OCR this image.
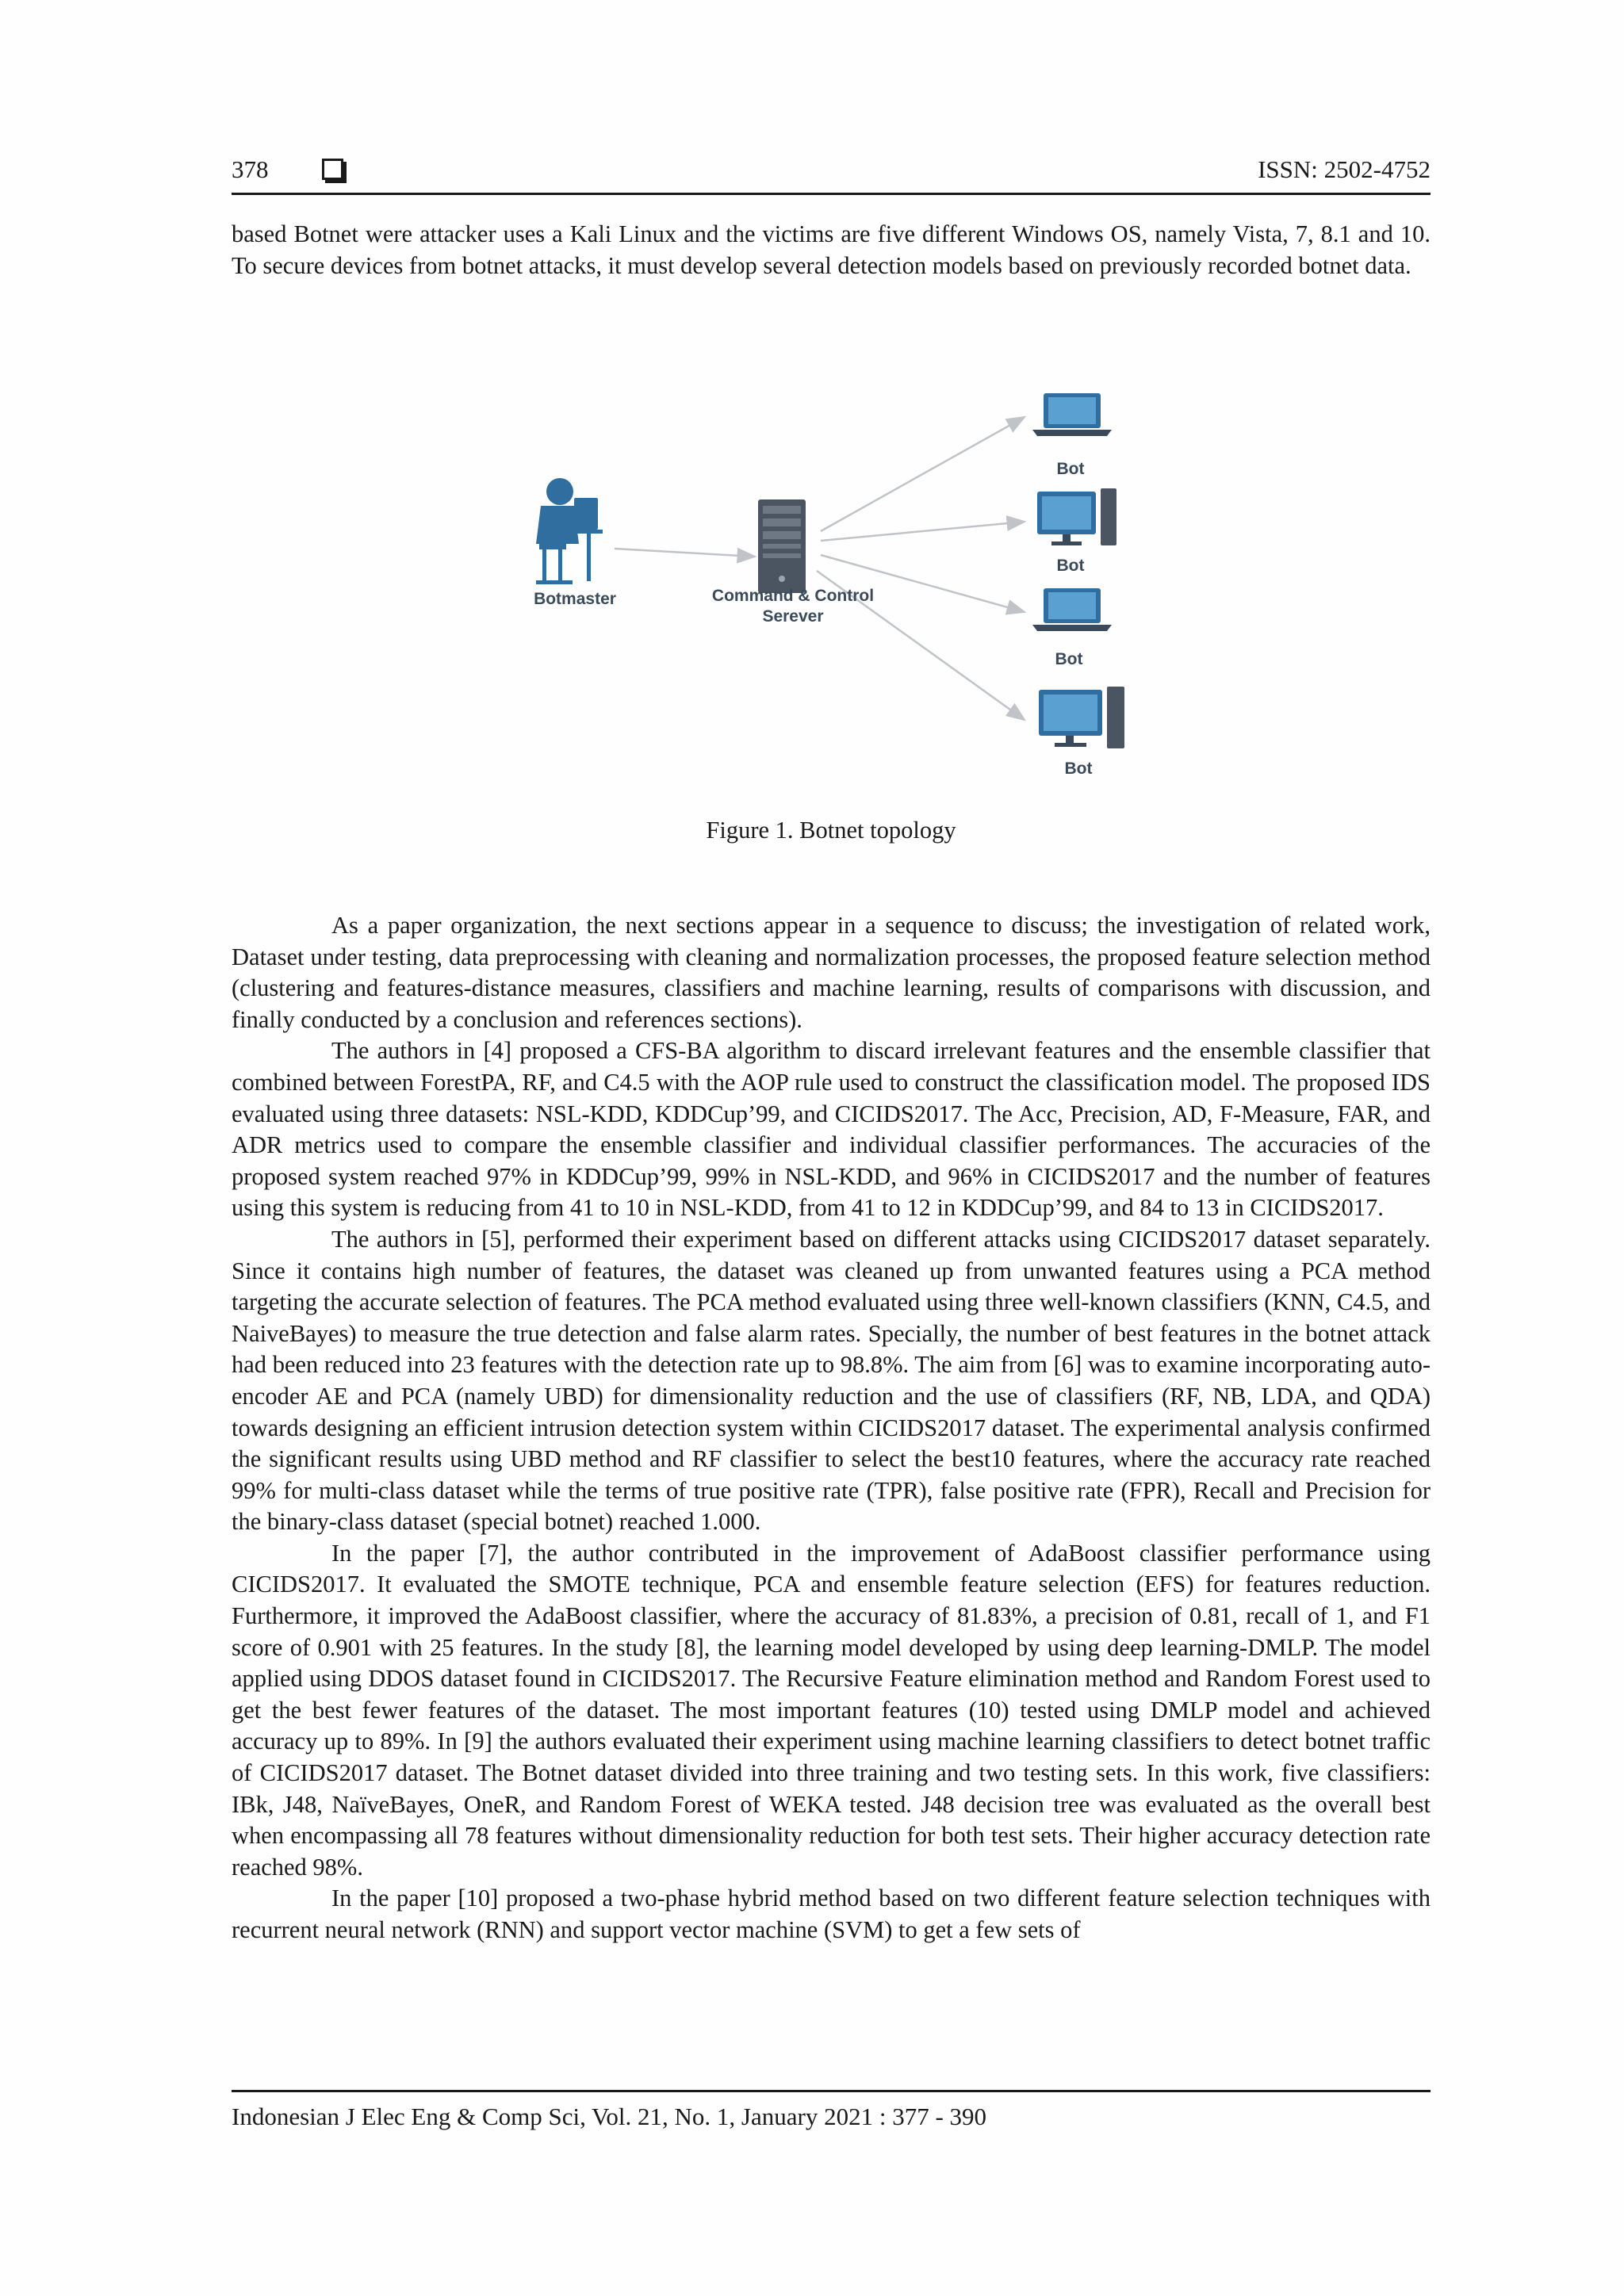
378	ISSN: 2502-4752

based Botnet were attacker uses a Kali Linux and the victims are five different Windows OS, namely Vista, 7, 8.1 and 10. To secure devices from botnet attacks, it must develop several detection models based on previously recorded botnet data.

Botmaster	Command & Control
Serever
Bot
Bot
Bot
Bot
Figure 1. Botnet topology

As a paper organization, the next sections appear in a sequence to discuss; the investigation of related work, Dataset under testing, data preprocessing with cleaning and normalization processes, the proposed feature selection method (clustering and features-distance measures, classifiers and machine learning, results of comparisons with discussion, and finally conducted by a conclusion and references sections).

The authors in [4] proposed a CFS-BA algorithm to discard irrelevant features and the ensemble classifier that combined between ForestPA, RF, and C4.5 with the AOP rule used to construct the classification model. The proposed IDS evaluated using three datasets: NSL-KDD, KDDCup’99, and CICIDS2017. The Acc, Precision, AD, F-Measure, FAR, and ADR metrics used to compare the ensemble classifier and individual classifier performances. The accuracies of the proposed system reached 97% in KDDCup’99, 99% in NSL-KDD, and 96% in CICIDS2017 and the number of features using this system is reducing from 41 to 10 in NSL-KDD, from 41 to 12 in KDDCup’99, and 84 to 13 in CICIDS2017.

The authors in [5], performed their experiment based on different attacks using CICIDS2017 dataset separately. Since it contains high number of features, the dataset was cleaned up from unwanted features using a PCA method targeting the accurate selection of features. The PCA method evaluated using three well-known classifiers (KNN, C4.5, and NaiveBayes) to measure the true detection and false alarm rates. Specially, the number of best features in the botnet attack had been reduced into 23 features with the detection rate up to 98.8%. The aim from [6] was to examine incorporating auto-encoder AE and PCA (namely UBD) for dimensionality reduction and the use of classifiers (RF, NB, LDA, and QDA) towards designing an efficient intrusion detection system within CICIDS2017 dataset. The experimental analysis confirmed the significant results using UBD method and RF classifier to select the best10 features, where the accuracy rate reached 99% for multi-class dataset while the terms of true positive rate (TPR), false positive rate (FPR), Recall and Precision for the binary-class dataset (special botnet) reached 1.000.

In the paper [7], the author contributed in the improvement of AdaBoost classifier performance using CICIDS2017. It evaluated the SMOTE technique, PCA and ensemble feature selection (EFS) for features reduction. Furthermore, it improved the AdaBoost classifier, where the accuracy of 81.83%, a precision of 0.81, recall of 1, and F1 score of 0.901 with 25 features. In the study [8], the learning model developed by using deep learning-DMLP. The model applied using DDOS dataset found in CICIDS2017. The Recursive Feature elimination method and Random Forest used to get the best fewer features of the dataset. The most important features (10) tested using DMLP model and achieved accuracy up to 89%. In [9] the authors evaluated their experiment using machine learning classifiers to detect botnet traffic of CICIDS2017 dataset. The Botnet dataset divided into three training and two testing sets. In this work, five classifiers: IBk, J48, NaïveBayes, OneR, and Random Forest of WEKA tested. J48 decision tree was evaluated as the overall best when encompassing all 78 features without dimensionality reduction for both test sets. Their higher accuracy detection rate reached 98%.

In the paper [10] proposed a two-phase hybrid method based on two different feature selection techniques with recurrent neural network (RNN) and support vector machine (SVM) to get a few sets of

Indonesian J Elec Eng & Comp Sci, Vol. 21, No. 1, January 2021 : 377 - 390
